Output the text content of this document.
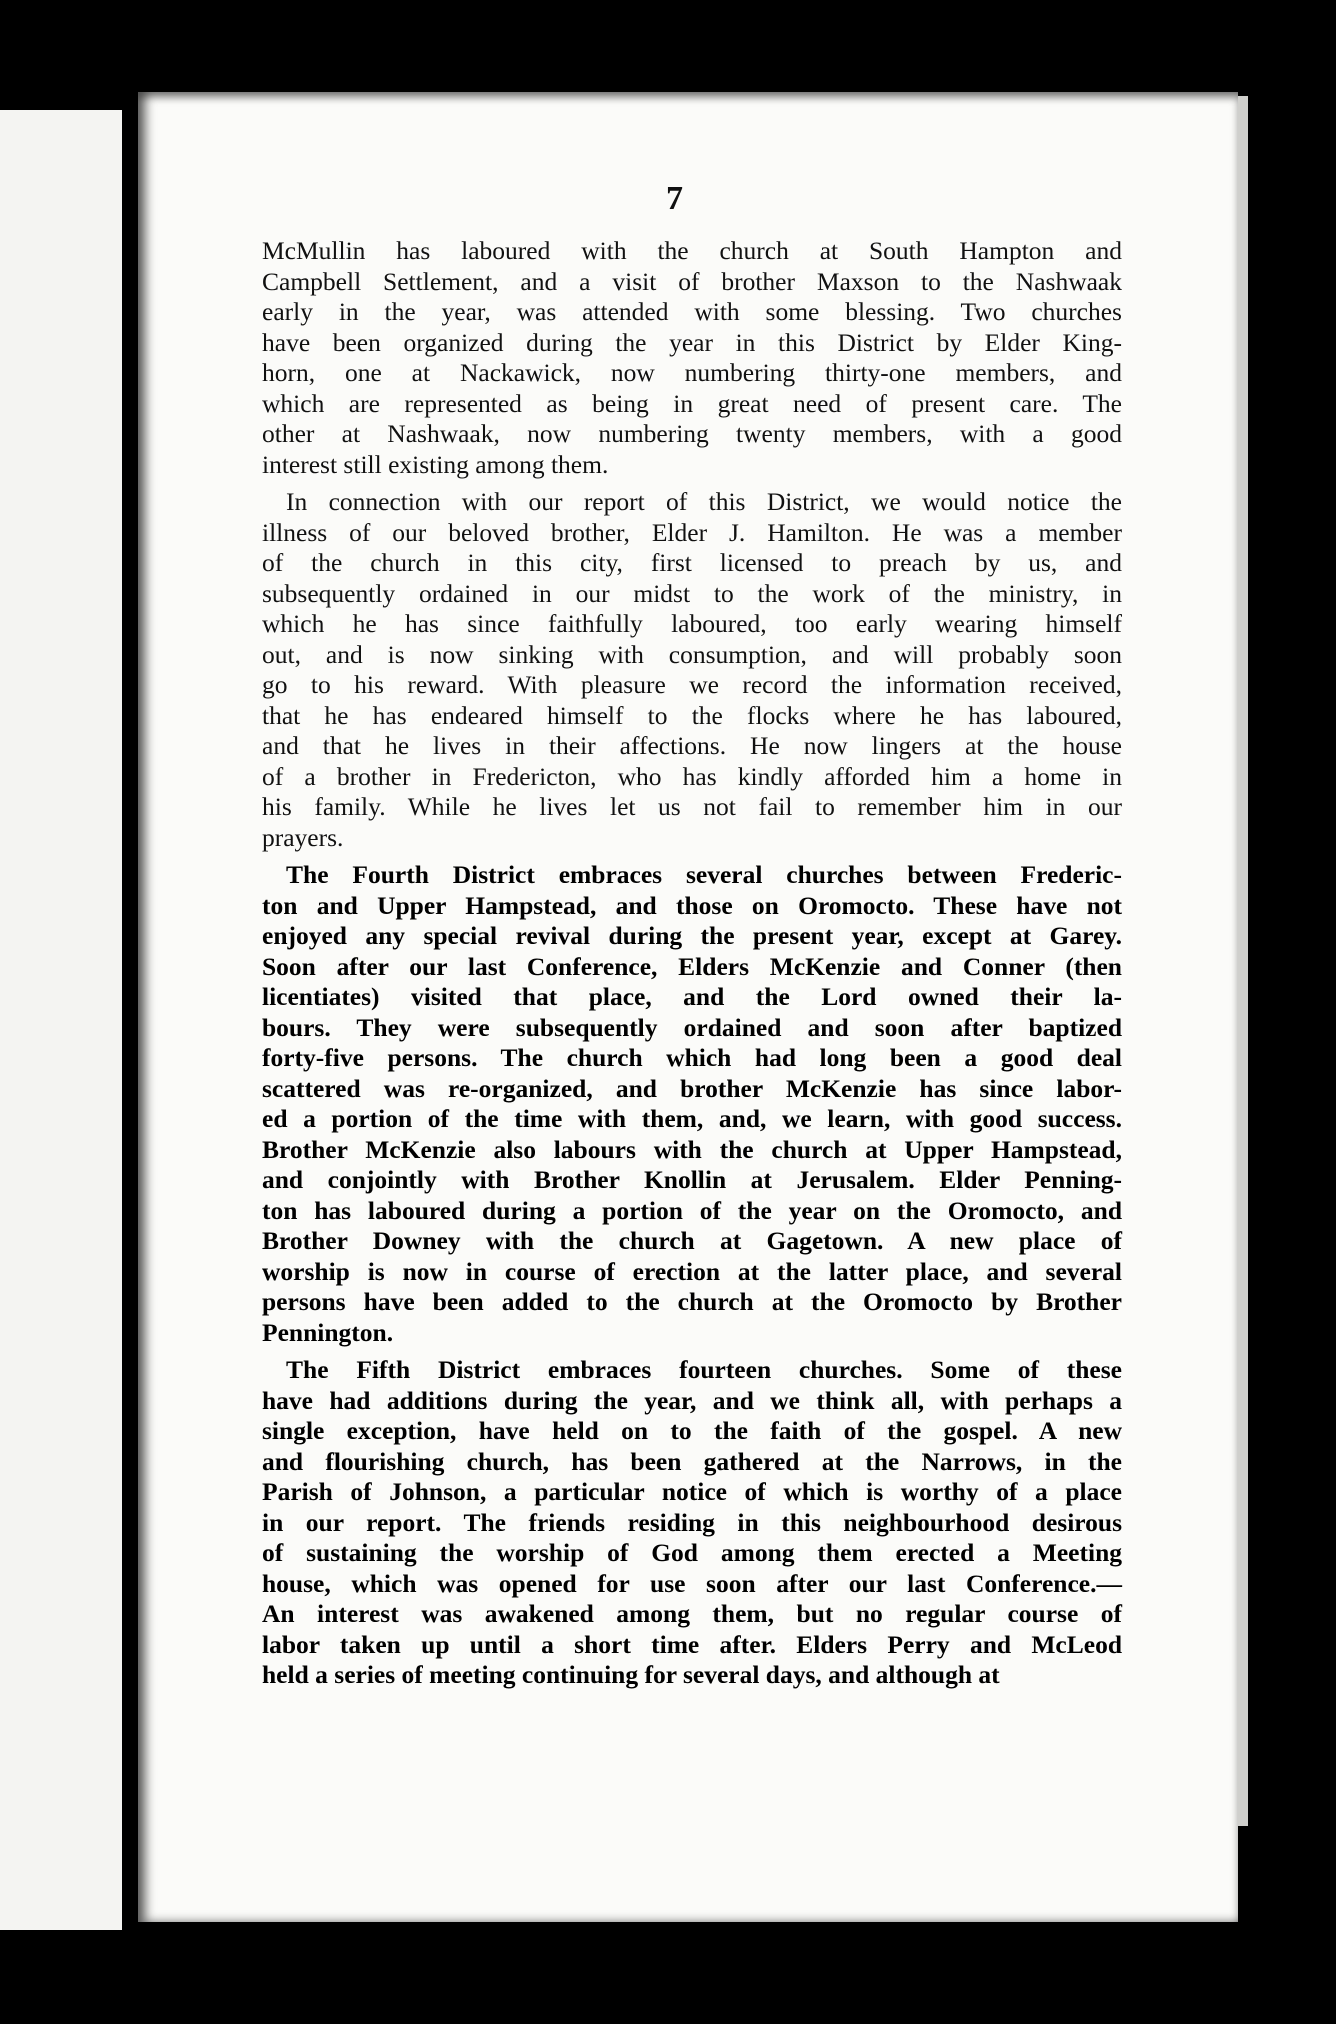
7
McMullin has laboured with the church at South Hampton and
Campbell Settlement, and a visit of brother Maxson to the Nashwaak
early in the year, was attended with some blessing. Two churches
have been organized during the year in this District by Elder King-
horn, one at Nackawick, now numbering thirty-one members, and
which are represented as being in great need of present care. The
other at Nashwaak, now numbering twenty members, with a good
interest still existing among them.
In connection with our report of this District, we would notice the
illness of our beloved brother, Elder J. Hamilton. He was a member
of the church in this city, first licensed to preach by us, and
subsequently ordained in our midst to the work of the ministry, in
which he has since faithfully laboured, too early wearing himself
out, and is now sinking with consumption, and will probably soon
go to his reward. With pleasure we record the information received,
that he has endeared himself to the flocks where he has laboured,
and that he lives in their affections. He now lingers at the house
of a brother in Fredericton, who has kindly afforded him a home in
his family. While he lives let us not fail to remember him in our
prayers.
The Fourth District embraces several churches between Frederic-
ton and Upper Hampstead, and those on Oromocto. These have not
enjoyed any special revival during the present year, except at Garey.
Soon after our last Conference, Elders McKenzie and Conner (then
licentiates) visited that place, and the Lord owned their la-
bours. They were subsequently ordained and soon after baptized
forty-five persons. The church which had long been a good deal
scattered was re-organized, and brother McKenzie has since labor-
ed a portion of the time with them, and, we learn, with good success.
Brother McKenzie also labours with the church at Upper Hampstead,
and conjointly with Brother Knollin at Jerusalem. Elder Penning-
ton has laboured during a portion of the year on the Oromocto, and
Brother Downey with the church at Gagetown. A new place of
worship is now in course of erection at the latter place, and several
persons have been added to the church at the Oromocto by Brother
Pennington.
The Fifth District embraces fourteen churches. Some of these
have had additions during the year, and we think all, with perhaps a
single exception, have held on to the faith of the gospel. A new
and flourishing church, has been gathered at the Narrows, in the
Parish of Johnson, a particular notice of which is worthy of a place
in our report. The friends residing in this neighbourhood desirous
of sustaining the worship of God among them erected a Meeting
house, which was opened for use soon after our last Conference.—
An interest was awakened among them, but no regular course of
labor taken up until a short time after. Elders Perry and McLeod
held a series of meeting continuing for several days, and although at
